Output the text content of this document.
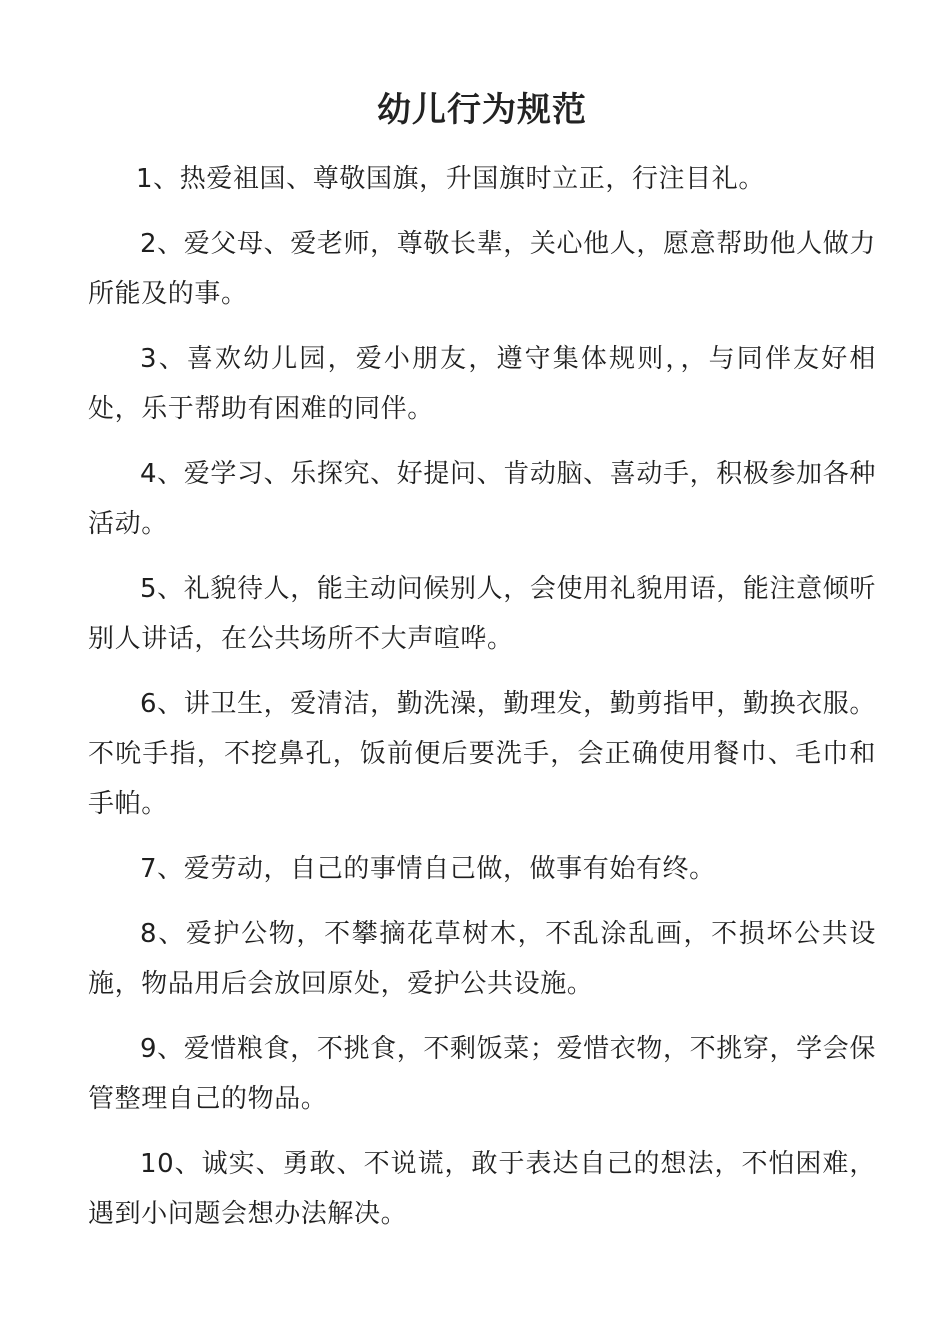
幼儿行为规范
1、热爱祖国、尊敬国旗，升国旗时立正，行注目礼。
2、爱父母、爱老师，尊敬长辈，关心他人，愿意帮助他人做力所能及的事。
3、喜欢幼儿园，爱小朋友，遵守集体规则，，与同伴友好相处，乐于帮助有困难的同伴。
4、爱学习、乐探究、好提问、肯动脑、喜动手，积极参加各种活动。
5、礼貌待人，能主动问候别人，会使用礼貌用语，能注意倾听别人讲话，在公共场所不大声喧哗。
6、讲卫生，爱清洁，勤洗澡，勤理发，勤剪指甲，勤换衣服。不吮手指，不挖鼻孔，饭前便后要洗手，会正确使用餐巾、毛巾和手帕。
7、爱劳动，自己的事情自己做，做事有始有终。
8、爱护公物，不攀摘花草树木，不乱涂乱画，不损坏公共设施，物品用后会放回原处，爱护公共设施。
9、爱惜粮食，不挑食，不剩饭菜；爱惜衣物，不挑穿，学会保管整理自己的物品。
10、诚实、勇敢、不说谎，敢于表达自己的想法，不怕困难，遇到小问题会想办法解决。
